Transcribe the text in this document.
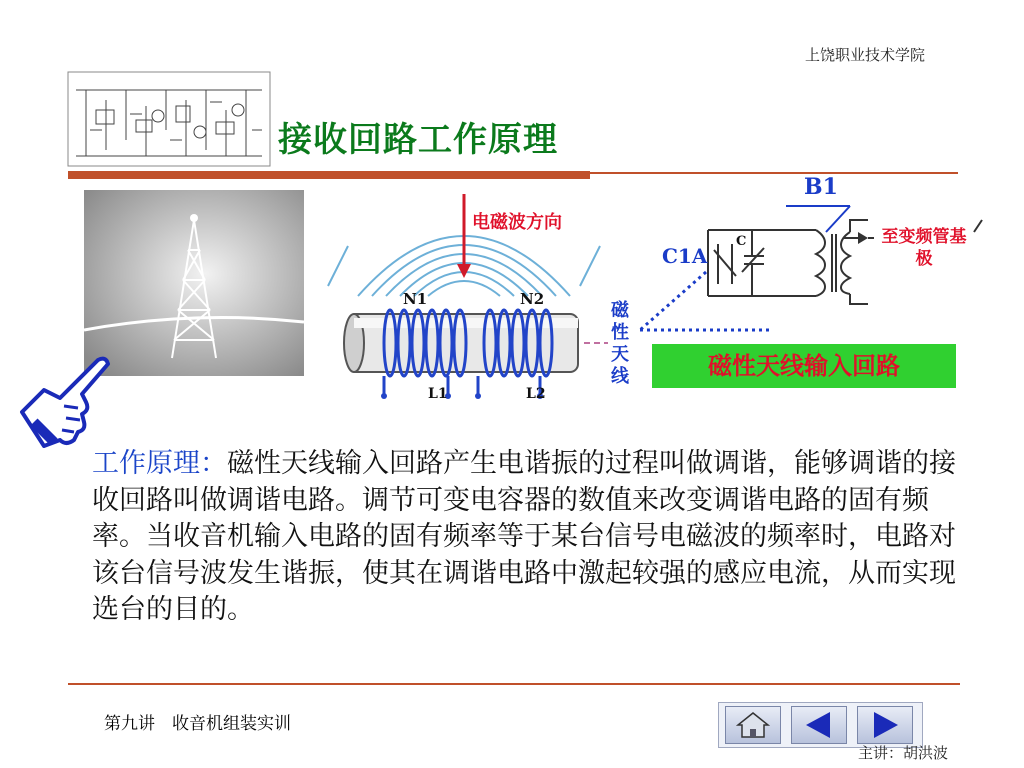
上饶职业技术学院
接收回路工作原理
电磁波方向
N1	N2
L1	L2
磁性天线
B1
C1A
C	至变频管基极
磁性天线输入回路
工作原理：磁性天线输入回路产生电谐振的过程叫做调谐，能够调谐的接收回路叫做调谐电路。调节可变电容器的数值来改变调谐电路的固有频率。当收音机输入电路的固有频率等于某台信号电磁波的频率时，电路对该台信号波发生谐振，使其在调谐电路中激起较强的感应电流，从而实现选台的目的。
第九讲　收音机组装实训
主讲：胡洪波
